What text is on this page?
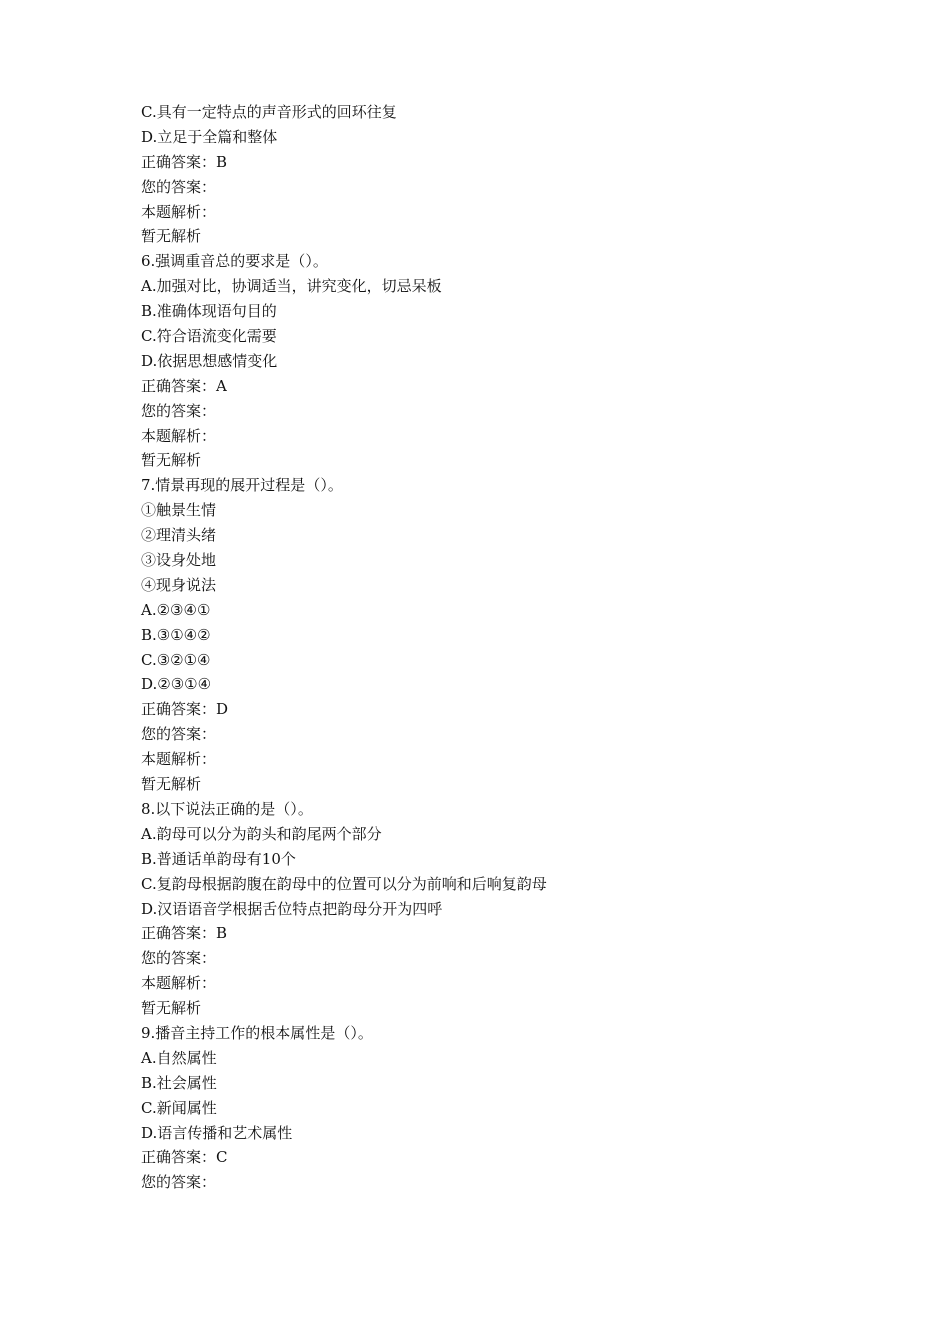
C.具有一定特点的声音形式的回环往复
D.立足于全篇和整体
正确答案：B
您的答案：
本题解析：
暂无解析
6.强调重音总的要求是（）。
A.加强对比，协调适当，讲究变化，切忌呆板
B.准确体现语句目的
C.符合语流变化需要
D.依据思想感情变化
正确答案：A
您的答案：
本题解析：
暂无解析
7.情景再现的展开过程是（）。
①触景生情
②理清头绪
③设身处地
④现身说法
A.②③④①
B.③①④②
C.③②①④
D.②③①④
正确答案：D
您的答案：
本题解析：
暂无解析
8.以下说法正确的是（）。
A.韵母可以分为韵头和韵尾两个部分
B.普通话单韵母有10个
C.复韵母根据韵腹在韵母中的位置可以分为前响和后响复韵母
D.汉语语音学根据舌位特点把韵母分开为四呼
正确答案：B
您的答案：
本题解析：
暂无解析
9.播音主持工作的根本属性是（）。
A.自然属性
B.社会属性
C.新闻属性
D.语言传播和艺术属性
正确答案：C
您的答案：
